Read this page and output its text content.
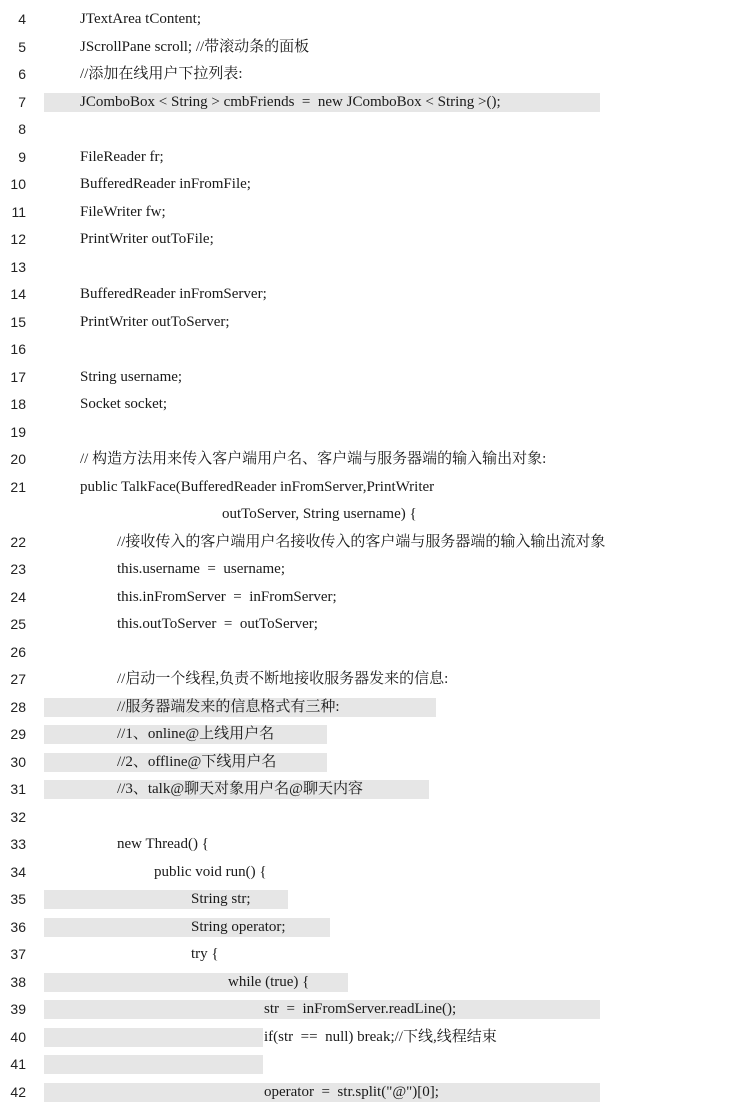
4	JTextArea tContent;
5	JScrollPane scroll; //带滚动条的面板
6	//添加在线用户下拉列表:
7	JComboBox < String > cmbFriends  =  new JComboBox < String >();
8
9	FileReader fr;
10	BufferedReader inFromFile;
11	FileWriter fw;
12	PrintWriter outToFile;
13
14	BufferedReader inFromServer;
15	PrintWriter outToServer;
16
17	String username;
18	Socket socket;
19
20	// 构造方法用来传入客户端用户名、客户端与服务器端的输入输出对象:
21	public TalkFace(BufferedReader inFromServer,PrintWriter
outToServer, String username) {
22	//接收传入的客户端用户名接收传入的客户端与服务器端的输入输出流对象
23	this.username  =  username;
24	this.inFromServer  =  inFromServer;
25	this.outToServer  =  outToServer;
26
27	//启动一个线程,负责不断地接收服务器发来的信息:
28	//服务器端发来的信息格式有三种:
29	//1、online@上线用户名
30	//2、offline@下线用户名
31	//3、talk@聊天对象用户名@聊天内容
32
33	new Thread() {
34	public void run() {
35	String str;
36	String operator;
37	try {
38	while (true) {
39	str  =  inFromServer.readLine();
40	if(str  ==  null) break;//下线,线程结束
41
42	operator  =  str.split("@")[0];
